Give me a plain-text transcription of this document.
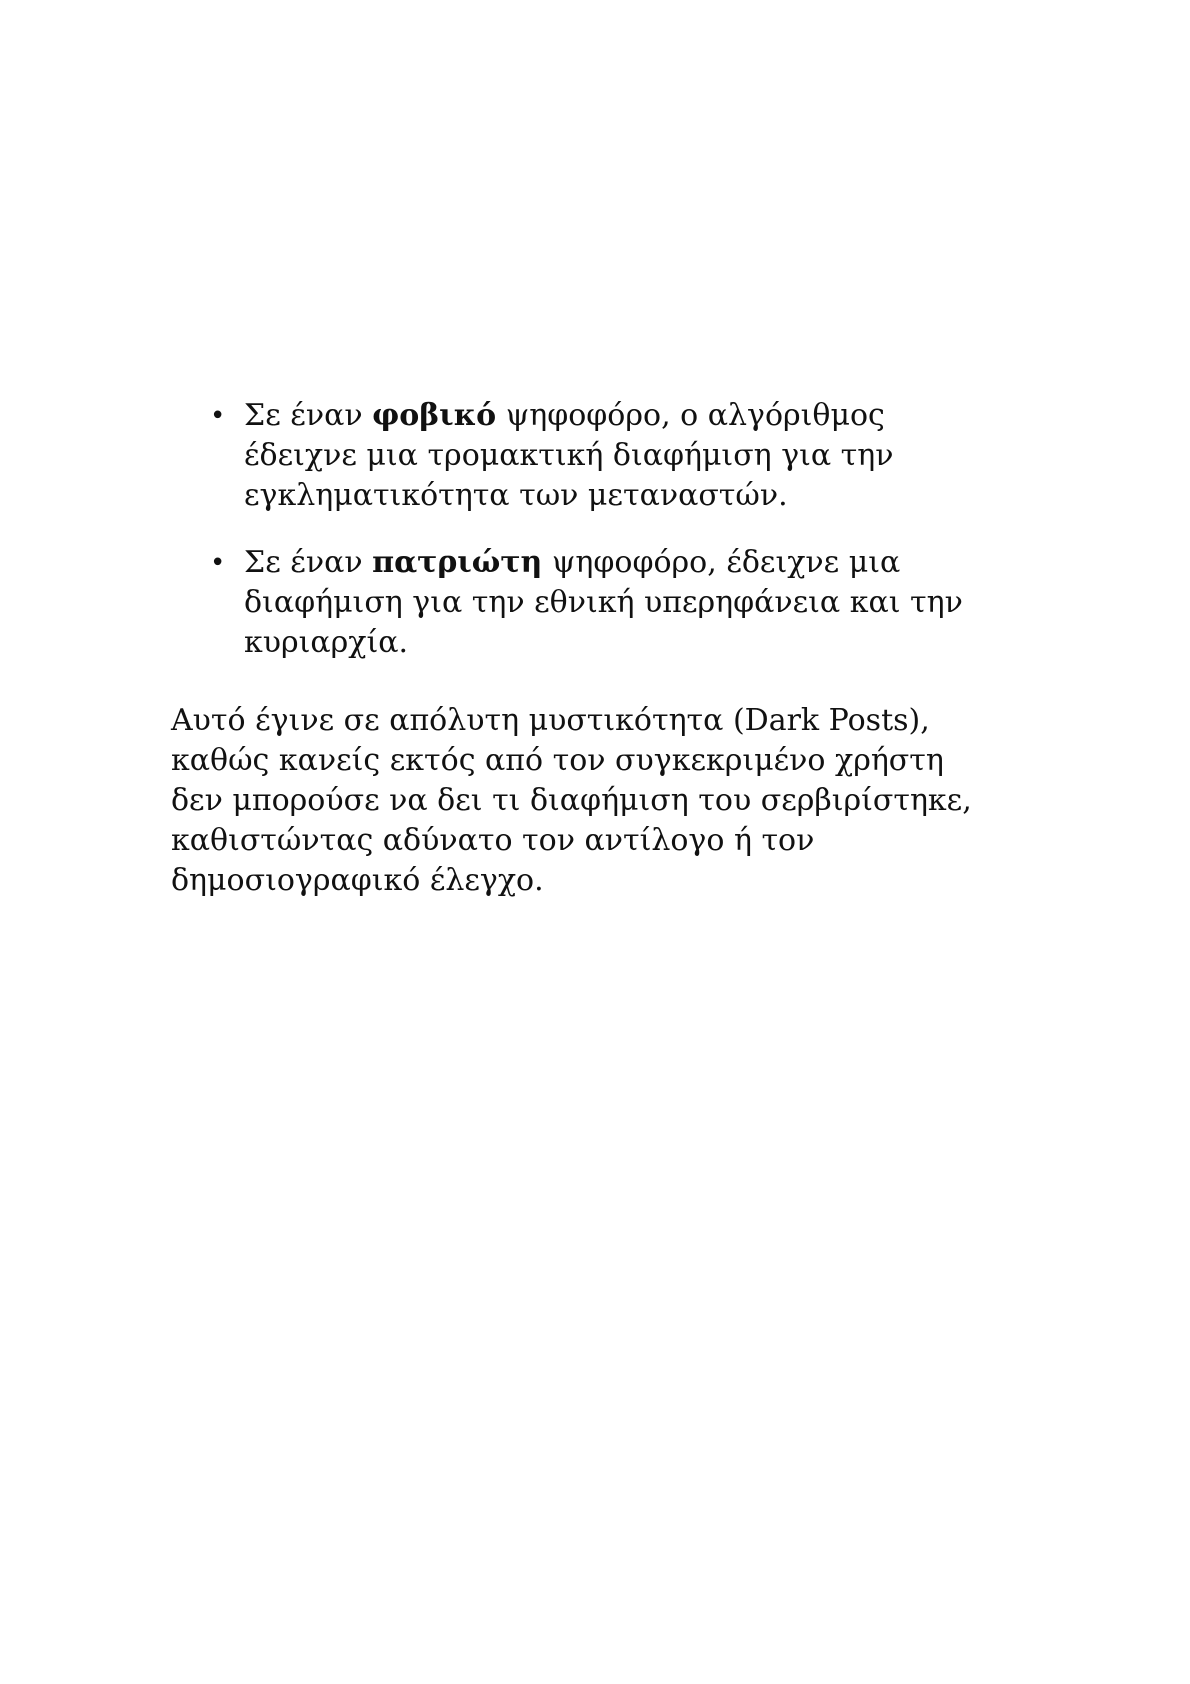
• Σε έναν φοβικό ψηφοφόρο, ο αλγόριθμος
έδειχνε μια τρομακτική διαφήμιση για την
εγκληματικότητα των μεταναστών.
• Σε έναν πατριώτη ψηφοφόρο, έδειχνε μια
διαφήμιση για την εθνική υπερηφάνεια και την
κυριαρχία.

Αυτό έγινε σε απόλυτη μυστικότητα (Dark Posts),
καθώς κανείς εκτός από τον συγκεκριμένο χρήστη
δεν μπορούσε να δει τι διαφήμιση του σερβιρίστηκε,
καθιστώντας αδύνατο τον αντίλογο ή τον
δημοσιογραφικό έλεγχο.
